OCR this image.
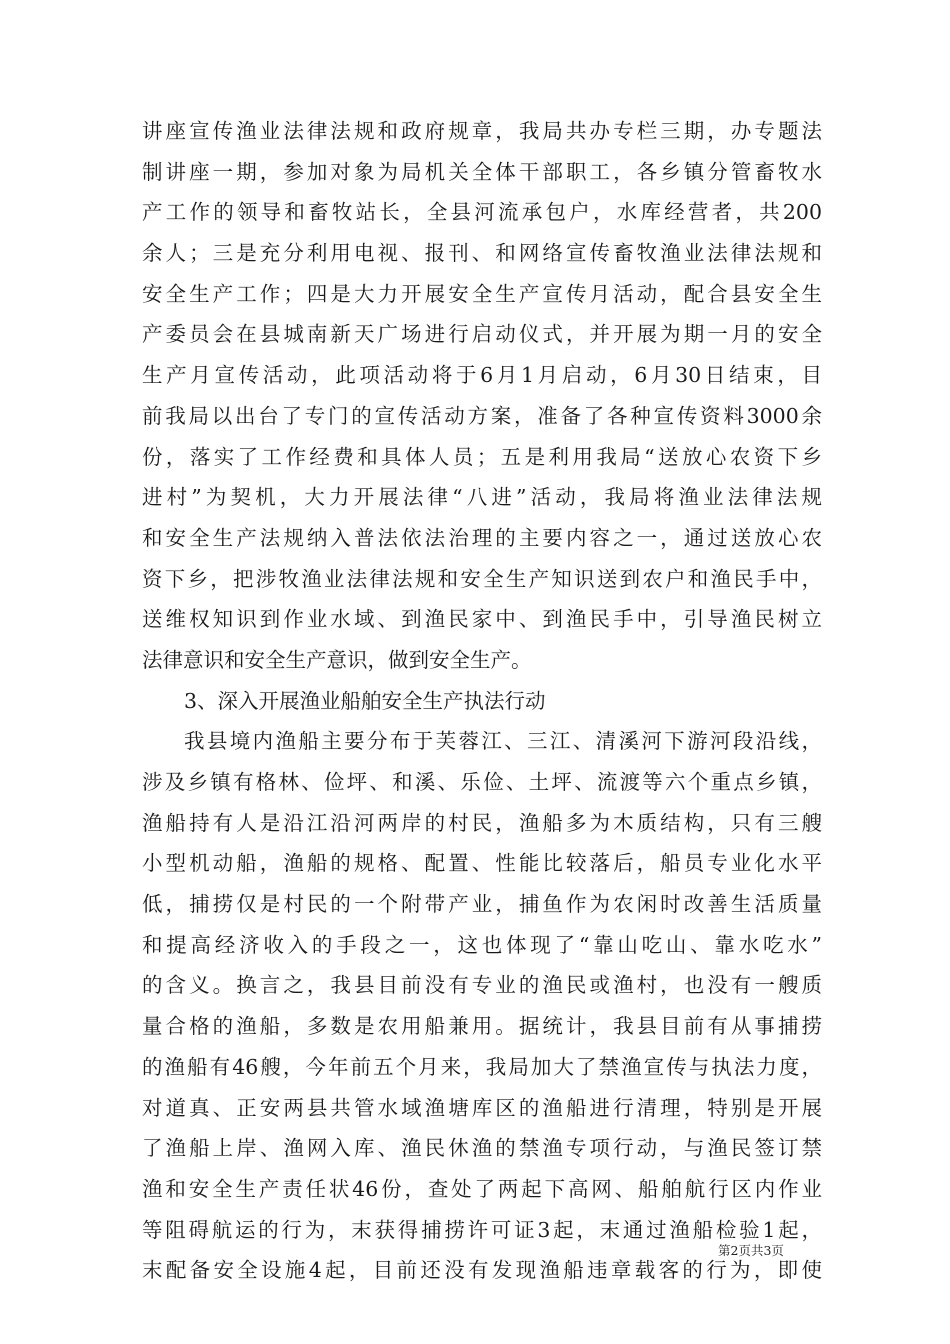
讲座宣传渔业法律法规和政府规章，我局共办专栏三期，办专题法
制讲座一期，参加对象为局机关全体干部职工，各乡镇分管畜牧水
产工作的领导和畜牧站长，全县河流承包户，水库经营者，共200
余人；三是充分利用电视、报刊、和网络宣传畜牧渔业法律法规和
安全生产工作；四是大力开展安全生产宣传月活动，配合县安全生
产委员会在县城南新天广场进行启动仪式，并开展为期一月的安全
生产月宣传活动，此项活动将于6月1月启动，6月30日结束，目
前我局以出台了专门的宣传活动方案，准备了各种宣传资料3000余
份，落实了工作经费和具体人员；五是利用我局“送放心农资下乡
进村”为契机，大力开展法律“八进”活动，我局将渔业法律法规
和安全生产法规纳入普法依法治理的主要内容之一，通过送放心农
资下乡，把涉牧渔业法律法规和安全生产知识送到农户和渔民手中，
送维权知识到作业水域、到渔民家中、到渔民手中，引导渔民树立
法律意识和安全生产意识，做到安全生产。
3、深入开展渔业船舶安全生产执法行动
我县境内渔船主要分布于芙蓉江、三江、清溪河下游河段沿线，
涉及乡镇有格林、俭坪、和溪、乐俭、土坪、流渡等六个重点乡镇，
渔船持有人是沿江沿河两岸的村民，渔船多为木质结构，只有三艘
小型机动船，渔船的规格、配置、性能比较落后，船员专业化水平
低，捕捞仅是村民的一个附带产业，捕鱼作为农闲时改善生活质量
和提高经济收入的手段之一，这也体现了“靠山吃山、靠水吃水”
的含义。换言之，我县目前没有专业的渔民或渔村，也没有一艘质
量合格的渔船，多数是农用船兼用。据统计，我县目前有从事捕捞
的渔船有46艘，今年前五个月来，我局加大了禁渔宣传与执法力度，
对道真、正安两县共管水域渔塘库区的渔船进行清理，特别是开展
了渔船上岸、渔网入库、渔民休渔的禁渔专项行动，与渔民签订禁
渔和安全生产责任状46份，查处了两起下高网、船舶航行区内作业
等阻碍航运的行为，末获得捕捞许可证3起，末通过渔船检验1起，
末配备安全设施4起，目前还没有发现渔船违章载客的行为，即使
第2页共3页
